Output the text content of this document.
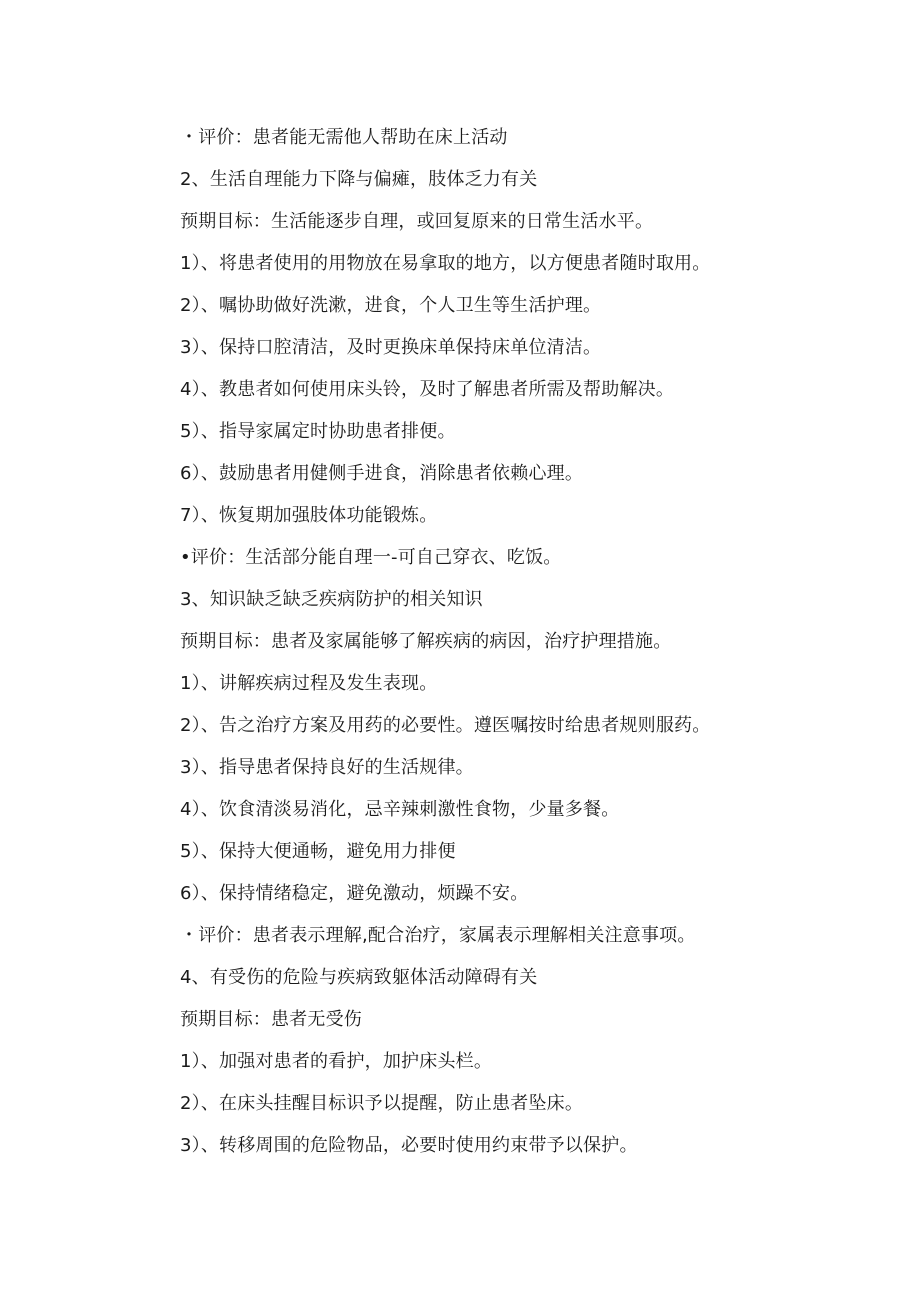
・评价：患者能无需他人帮助在床上活动
2、生活自理能力下降与偏瘫，肢体乏力有关
预期目标：生活能逐步自理，或回复原来的日常生活水平。
1）、将患者使用的用物放在易拿取的地方，以方便患者随时取用。
2）、嘱协助做好洗漱，进食，个人卫生等生活护理。
3）、保持口腔清洁，及时更换床单保持床单位清洁。
4）、教患者如何使用床头铃，及时了解患者所需及帮助解决。
5）、指导家属定时协助患者排便。
6）、鼓励患者用健侧手进食，消除患者依赖心理。
7）、恢复期加强肢体功能锻炼。
•评价：生活部分能自理一-可自己穿衣、吃饭。
3、知识缺乏缺乏疾病防护的相关知识
预期目标：患者及家属能够了解疾病的病因，治疗护理措施。
1）、讲解疾病过程及发生表现。
2）、告之治疗方案及用药的必要性。遵医嘱按时给患者规则服药。
3）、指导患者保持良好的生活规律。
4）、饮食清淡易消化，忌辛辣刺激性食物，少量多餐。
5）、保持大便通畅，避免用力排便
6）、保持情绪稳定，避免激动，烦躁不安。
・评价：患者表示理解,配合治疗，家属表示理解相关注意事项。
4、有受伤的危险与疾病致躯体活动障碍有关
预期目标：患者无受伤
1）、加强对患者的看护，加护床头栏。
2）、在床头挂醒目标识予以提醒，防止患者坠床。
3）、转移周围的危险物品，必要时使用约束带予以保护。
